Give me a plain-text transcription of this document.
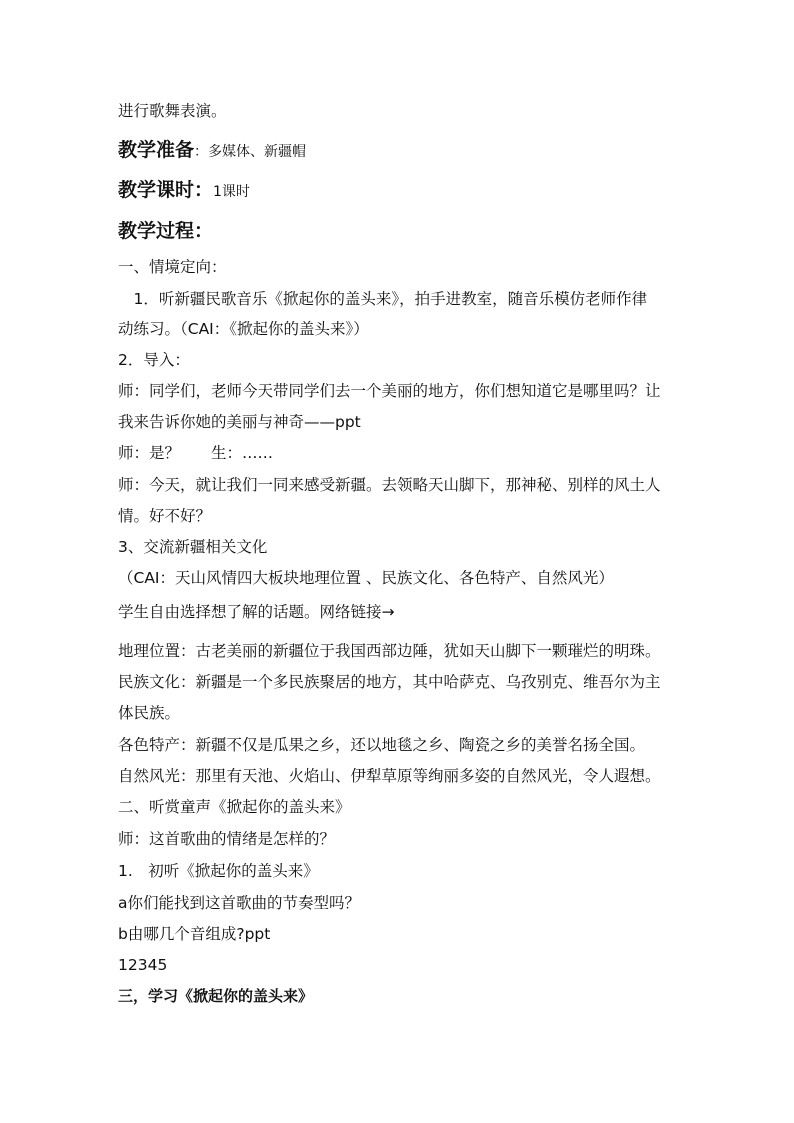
进行歌舞表演。
教学准备：多媒体、新疆帽
教学课时：1课时
教学过程：
一、情境定向：
　1．听新疆民歌音乐《掀起你的盖头来》，拍手进教室，随音乐模仿老师作律
动练习。（CAI：《掀起你的盖头来》）
2．导入：
师：同学们，老师今天带同学们去一个美丽的地方，你们想知道它是哪里吗？让
我来告诉你她的美丽与神奇——ppt
师：是？　　生：……
师：今天，就让我们一同来感受新疆。去领略天山脚下，那神秘、别样的风土人
情。好不好？
3、交流新疆相关文化
（CAI：天山风情四大板块地理位置 、民族文化、各色特产、自然风光）
学生自由选择想了解的话题。网络链接→
地理位置：古老美丽的新疆位于我国西部边陲，犹如天山脚下一颗璀烂的明珠。
民族文化：新疆是一个多民族聚居的地方，其中哈萨克、乌孜别克、维吾尔为主
体民族。
各色特产：新疆不仅是瓜果之乡，还以地毯之乡、陶瓷之乡的美誉名扬全国。
自然风光：那里有天池、火焰山、伊犁草原等绚丽多姿的自然风光，令人遐想。
二、听赏童声《掀起你的盖头来》
师：这首歌曲的情绪是怎样的？
1.　初听《掀起你的盖头来》
a你们能找到这首歌曲的节奏型吗？
b由哪几个音组成?ppt
12345
三，学习《掀起你的盖头来》
